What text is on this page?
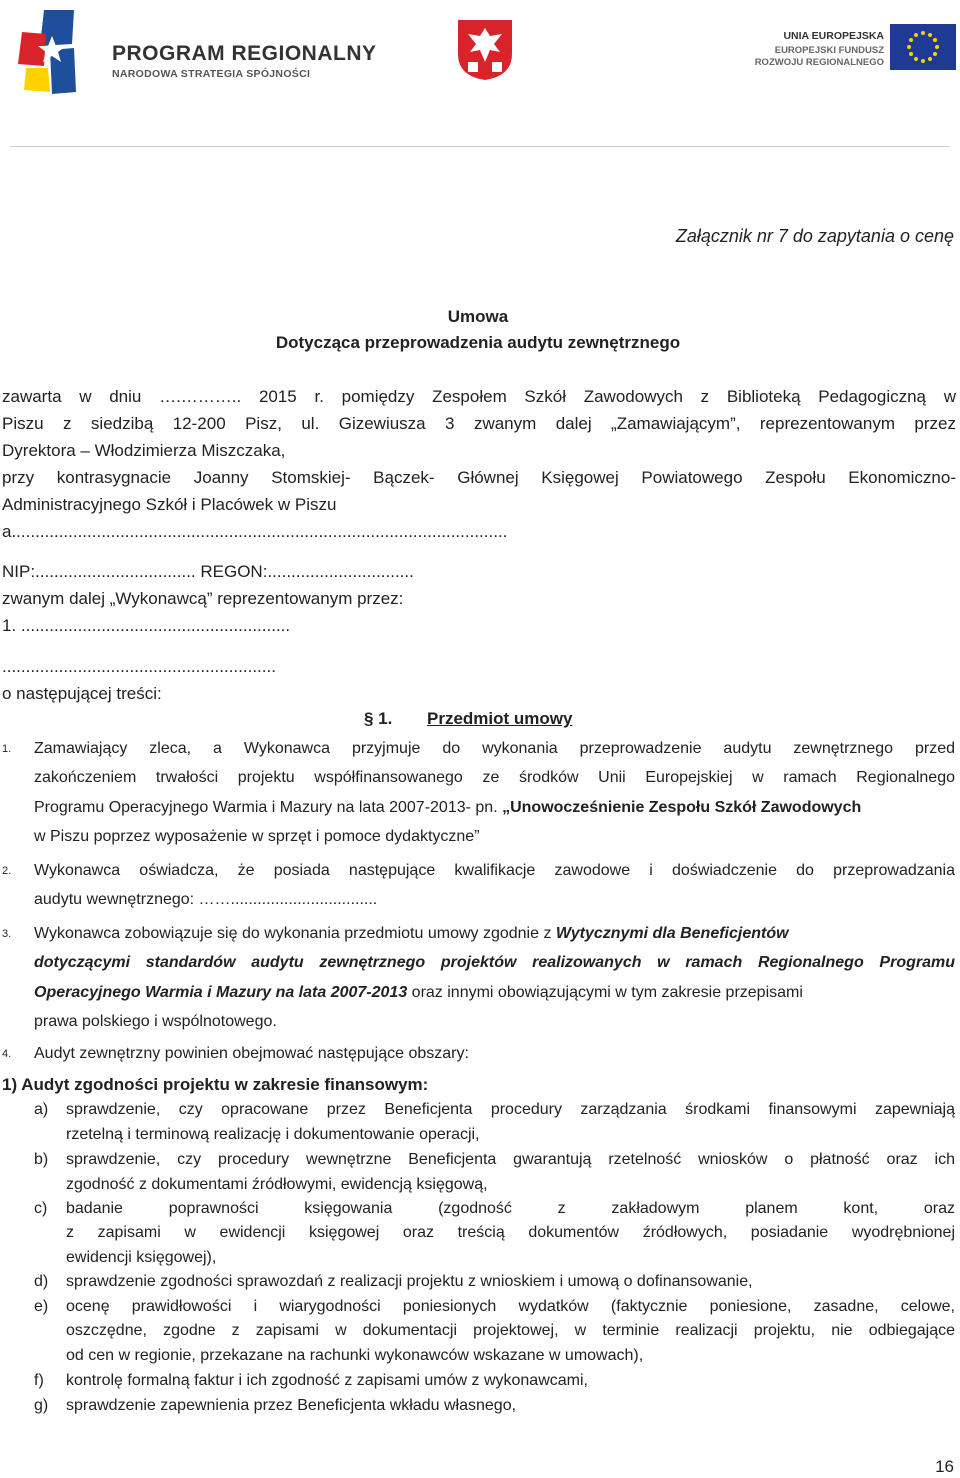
PROGRAM REGIONALNY
NARODOWA STRATEGIA SPÓJNOŚCI
UNIA EUROPEJSKA
EUROPEJSKI FUNDUSZ
ROZWOJU REGIONALNEGO
Załącznik nr 7 do zapytania o cenę
Umowa
Dotycząca przeprowadzenia audytu zewnętrznego
zawarta w dniu ….……….. 2015 r. pomiędzy Zespołem Szkół Zawodowych z Biblioteką Pedagogiczną w
Piszu z siedzibą 12-200 Pisz, ul. Gizewiusza 3 zwanym dalej „Zamawiającym”, reprezentowanym przez
Dyrektora – Włodzimierza Miszczaka,
przy kontrasygnacie Joanny Stomskiej- Bączek- Głównej Księgowej Powiatowego Zespołu Ekonomiczno-
Administracyjnego Szkół i Placówek w Piszu
a.........................................................................................................
NIP:.................................. REGON:...............................
zwanym dalej „Wykonawcą” reprezentowanym przez:
1. .........................................................
..........................................................
o następującej treści:
§ 1. Przedmiot umowy
1. Zamawiający zleca, a Wykonawca przyjmuje do wykonania przeprowadzenie audytu zewnętrznego przed
zakończeniem trwałości projektu współfinansowanego ze środków Unii Europejskiej w ramach Regionalnego
Programu Operacyjnego Warmia i Mazury na lata 2007-2013- pn. „Unowocześnienie Zespołu Szkół Zawodowych
w Piszu poprzez wyposażenie w sprzęt i pomoce dydaktyczne”
2. Wykonawca oświadcza, że posiada następujące kwalifikacje zawodowe i doświadczenie do przeprowadzania
audytu wewnętrznego: …….................................
3. Wykonawca zobowiązuje się do wykonania przedmiotu umowy zgodnie z Wytycznymi dla Beneficjentów
dotyczącymi standardów audytu zewnętrznego projektów realizowanych w ramach Regionalnego Programu
Operacyjnego Warmia i Mazury na lata 2007-2013 oraz innymi obowiązującymi w tym zakresie przepisami
prawa polskiego i wspólnotowego.
4. Audyt zewnętrzny powinien obejmować następujące obszary:
1) Audyt zgodności projektu w zakresie finansowym:
a) sprawdzenie, czy opracowane przez Beneficjenta procedury zarządzania środkami finansowymi zapewniają
rzetelną i terminową realizację i dokumentowanie operacji,
b) sprawdzenie, czy procedury wewnętrzne Beneficjenta gwarantują rzetelność wniosków o płatność oraz ich
zgodność z dokumentami źródłowymi, ewidencją księgową,
c) badanie poprawności księgowania (zgodność z zakładowym planem kont, oraz
z zapisami w ewidencji księgowej oraz treścią dokumentów źródłowych, posiadanie wyodrębnionej
ewidencji księgowej),
d) sprawdzenie zgodności sprawozdań z realizacji projektu z wnioskiem i umową o dofinansowanie,
e) ocenę prawidłowości i wiarygodności poniesionych wydatków (faktycznie poniesione, zasadne, celowe,
oszczędne, zgodne z zapisami w dokumentacji projektowej, w terminie realizacji projektu, nie odbiegające
od cen w regionie, przekazane na rachunki wykonawców wskazane w umowach),
f) kontrolę formalną faktur i ich zgodność z zapisami umów z wykonawcami,
g) sprawdzenie zapewnienia przez Beneficjenta wkładu własnego,
16
